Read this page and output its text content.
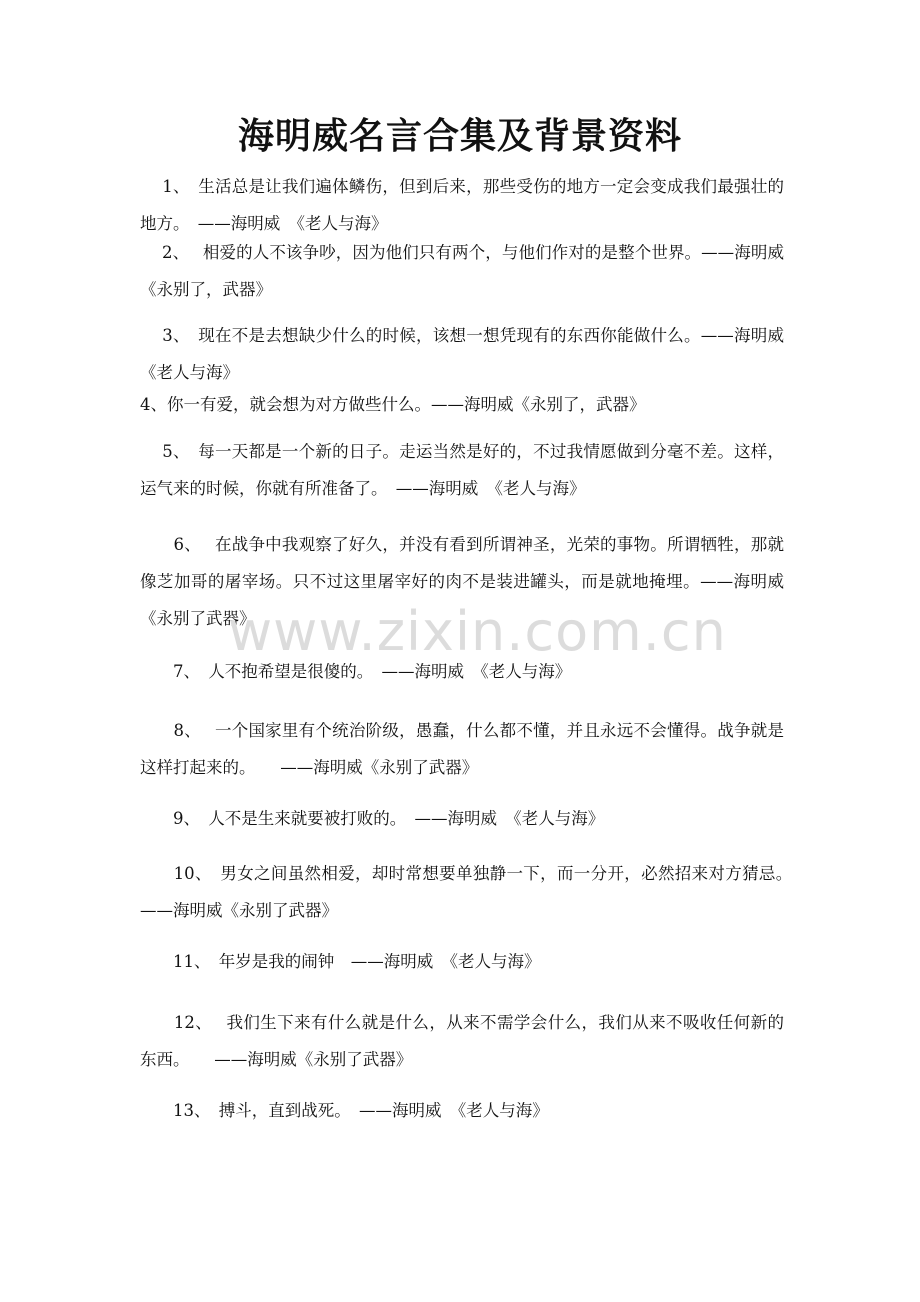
海明威名言合集及背景资料

　 1、　生活总是让我们遍体鳞伤，但到后来，那些受伤的地方一定会变成我们最强壮的地方。　——海明威　《老人与海》

　 2、　 相爱的人不该争吵，因为他们只有两个，与他们作对的是整个世界。——海明威　《永别了，武器》

　 3、　现在不是去想缺少什么的时候，该想一想凭现有的东西你能做什么。——海明威　《老人与海》

4、你一有爱，就会想为对方做些什么。——海明威《永别了，武器》

　 5、　每一天都是一个新的日子。走运当然是好的，不过我情愿做到分毫不差。这样，运气来的时候，你就有所准备了。　——海明威　《老人与海》

　　6、　 在战争中我观察了好久，并没有看到所谓神圣，光荣的事物。所谓牺牲，那就像芝加哥的屠宰场。只不过这里屠宰好的肉不是装进罐头，而是就地掩埋。——海明威《永别了武器》

　　7、　人不抱希望是很傻的。　——海明威　《老人与海》

　　8、　 一个国家里有个统治阶级，愚蠢，什么都不懂，并且永远不会懂得。战争就是这样打起来的。　　——海明威《永别了武器》

　　9、　人不是生来就要被打败的。　——海明威　《老人与海》

　　10、　男女之间虽然相爱，却时常想要单独静一下，而一分开，必然招来对方猜忌。　　——海明威《永别了武器》

　　11、　年岁是我的闹钟　——海明威　《老人与海》

　　12、　 我们生下来有什么就是什么，从来不需学会什么，我们从来不吸收任何新的东西。　　——海明威《永别了武器》

　　13、　搏斗，直到战死。　——海明威　《老人与海》

www.zixin.com.cn
